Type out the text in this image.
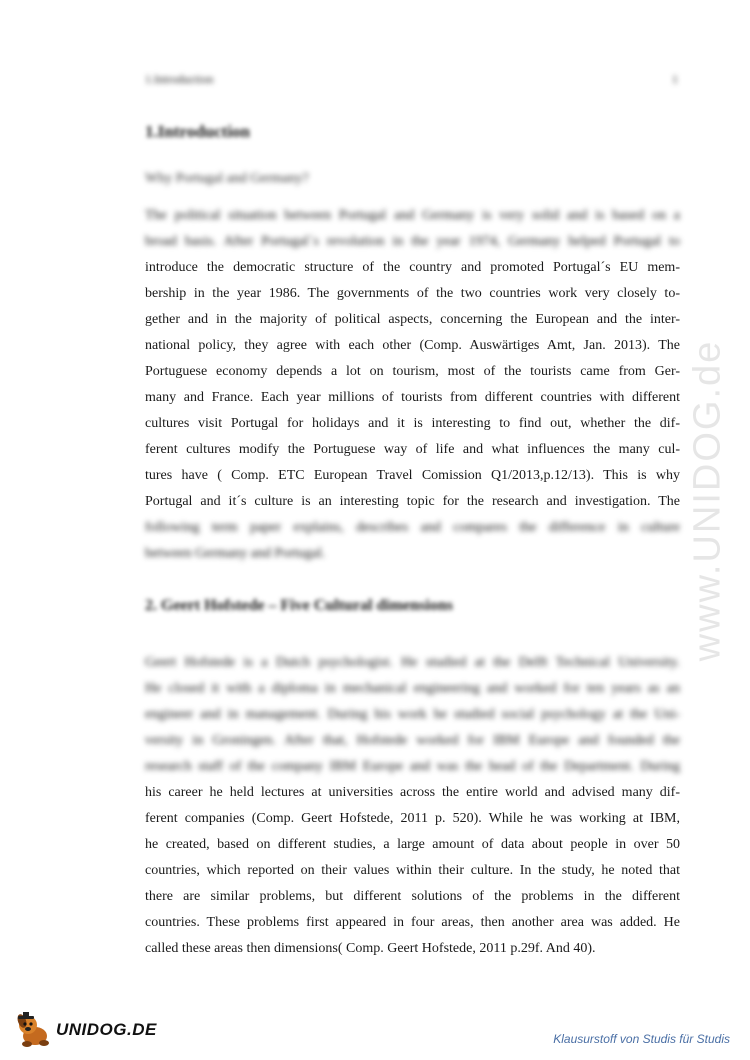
1.Introduction	1
1.Introduction
Why Portugal and Germany?
The political situation between Portugal and Germany is very solid and is based on a
broad basis. After Portugal´s revolution in the year 1974, Germany helped Portugal to
introduce the democratic structure of the country and promoted Portugal´s EU mem-
bership in the year 1986. The governments of the two countries work very closely to-
gether and in the majority of political aspects, concerning the European and the inter-
national policy, they agree with each other (Comp. Auswärtiges Amt, Jan. 2013). The
Portuguese economy depends a lot on tourism, most of the tourists came from Ger-
many and France. Each year millions of tourists from different countries with different
cultures visit Portugal for holidays and it is interesting to find out, whether the dif-
ferent cultures modify the Portuguese way of life and what influences the many cul-
tures have ( Comp. ETC European Travel Comission Q1/2013,p.12/13). This is why
Portugal and it´s culture is an interesting topic for the research and investigation. The
following term paper explains, describes and compares the difference in culture
between Germany and Portugal.
2. Geert Hofstede – Five Cultural dimensions
Geert Hofstede is a Dutch psychologist. He studied at the Delft Technical University.
He closed it with a diploma in mechanical engineering and worked for ten years as an
engineer and in management. During his work he studied social psychology at the Uni-
versity in Groningen. After that, Hofstede worked for IBM Europe and founded the
research staff of the company IBM Europe and was the head of the Department. During
his career he held lectures at universities across the entire world and advised many dif-
ferent companies (Comp. Geert Hofstede, 2011 p. 520). While he was working at IBM,
he created, based on different studies, a large amount of data about people in over 50
countries, which reported on their values within their culture. In the study, he noted that
there are similar problems, but different solutions of the problems in the different
countries. These problems first appeared in four areas, then another area was added. He
called these areas then dimensions( Comp. Geert Hofstede, 2011 p.29f. And 40).
www.UNIDOG.de
UNIDOG.DE	Klausurstoff von Studis für Studis
